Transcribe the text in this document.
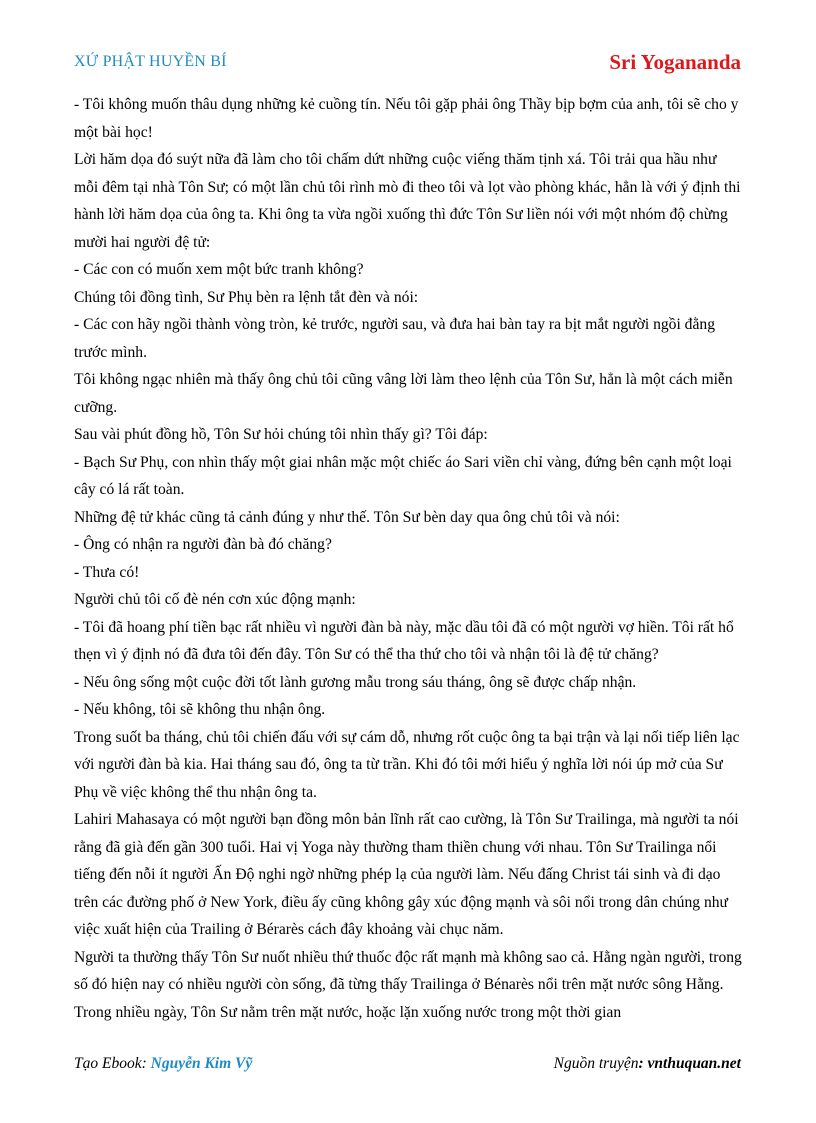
XỨ PHẬT HUYỀN BÍ	Sri Yogananda

- Tôi không muốn thâu dụng những kẻ cuồng tín. Nếu tôi gặp phải ông Thầy bịp bợm của anh, tôi sẽ cho y một bài học!

Lời hăm dọa đó suýt nữa đã làm cho tôi chấm dứt những cuộc viếng thăm tịnh xá. Tôi trải qua hầu như mỗi đêm tại nhà Tôn Sư; có một lần chủ tôi rình mò đi theo tôi và lọt vào phòng khác, hẳn là với ý định thi hành lời hăm dọa của ông ta. Khi ông ta vừa ngồi xuống thì đức Tôn Sư liền nói với một nhóm độ chừng mười hai người đệ tử:

- Các con có muốn xem một bức tranh không?

Chúng tôi đồng tình, Sư Phụ bèn ra lệnh tắt đèn và nói:

- Các con hãy ngồi thành vòng tròn, kẻ trước, người sau, và đưa hai bàn tay ra bịt mắt người ngồi đằng trước mình.

Tôi không ngạc nhiên mà thấy ông chủ tôi cũng vâng lời làm theo lệnh của Tôn Sư, hẳn là một cách miễn cưỡng.

Sau vài phút đồng hồ, Tôn Sư hỏi chúng tôi nhìn thấy gì? Tôi đáp:

- Bạch Sư Phụ, con nhìn thấy một giai nhân mặc một chiếc áo Sari viền chỉ vàng, đứng bên cạnh một loại cây có lá rất toàn.

Những đệ tử khác cũng tả cảnh đúng y như thế. Tôn Sư bèn day qua ông chủ tôi và nói:

- Ông có nhận ra người đàn bà đó chăng?

- Thưa có!

Người chủ tôi cố đè nén cơn xúc động mạnh:

- Tôi đã hoang phí tiền bạc rất nhiều vì người đàn bà này, mặc dầu tôi đã có một người vợ hiền. Tôi rất hổ thẹn vì ý định nó đã đưa tôi đến đây. Tôn Sư có thể tha thứ cho tôi và nhận tôi là đệ tử chăng?

- Nếu ông sống một cuộc đời tốt lành gương mẫu trong sáu tháng, ông sẽ được chấp nhận.

- Nếu không, tôi sẽ không thu nhận ông.

Trong suốt ba tháng, chủ tôi chiến đấu với sự cám dỗ, nhưng rốt cuộc ông ta bại trận và lại nối tiếp liên lạc với người đàn bà kia. Hai tháng sau đó, ông ta từ trần. Khi đó tôi mới hiểu ý nghĩa lời nói úp mở của Sư Phụ về việc không thể thu nhận ông ta.

Lahiri Mahasaya có một người bạn đồng môn bản lĩnh rất cao cường, là Tôn Sư Trailinga, mà người ta nói rằng đã già đến gần 300 tuổi. Hai vị Yoga này thường tham thiền chung với nhau. Tôn Sư Trailinga nổi tiếng đến nỗi ít người Ấn Độ nghi ngờ những phép lạ của người làm. Nếu đấng Christ tái sinh và đi dạo trên các đường phố ở New York, điều ấy cũng không gây xúc động mạnh và sôi nổi trong dân chúng như việc xuất hiện của Trailing ở Bérarès cách đây khoảng vài chục năm.

Người ta thường thấy Tôn Sư nuốt nhiều thứ thuốc độc rất mạnh mà không sao cả. Hằng ngàn người, trong số đó hiện nay có nhiều người còn sống, đã từng thấy Trailinga ở Bénarès nổi trên mặt nước sông Hằng. Trong nhiều ngày, Tôn Sư nằm trên mặt nước, hoặc lặn xuống nước trong một thời gian

Tạo Ebook: Nguyễn Kim Vỹ	Nguồn truyện: vnthuquan.net
